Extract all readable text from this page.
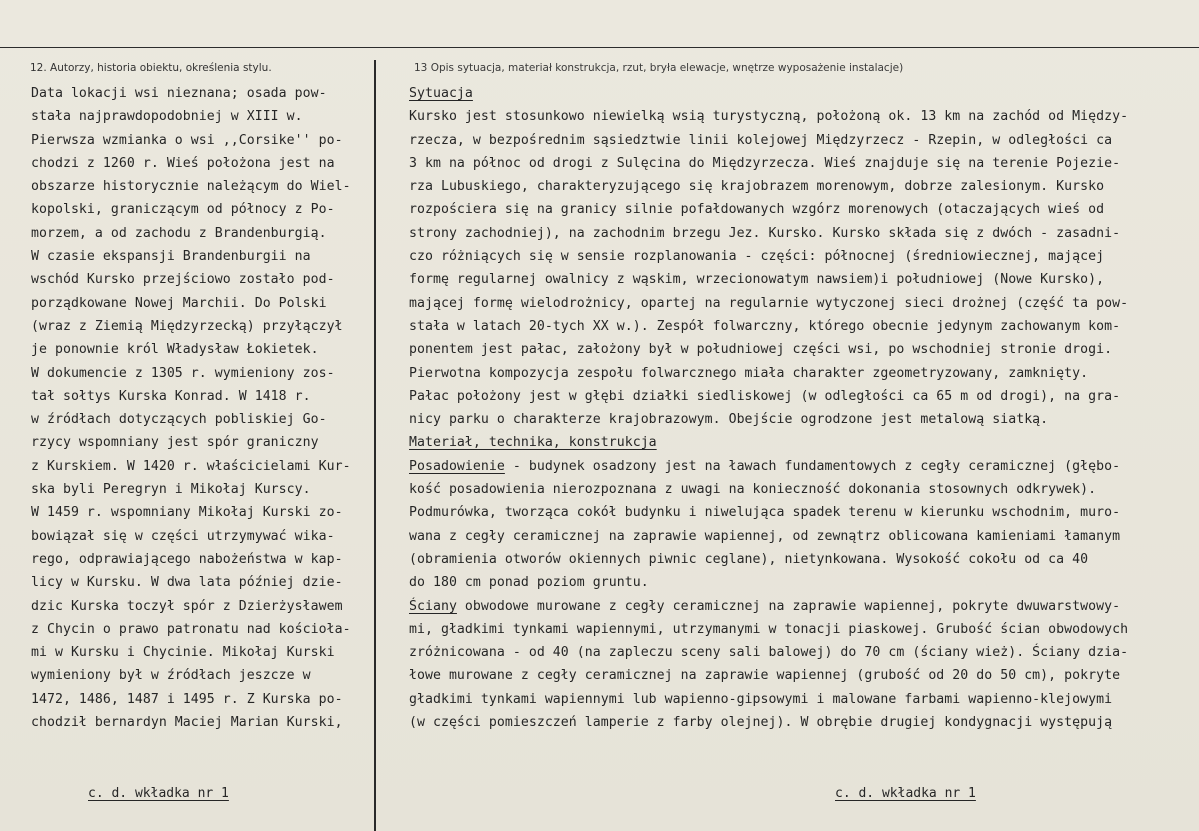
12. Autorzy, historia obiektu, określenia stylu.	13 Opis sytuacja, materiał konstrukcja, rzut, bryła elewacje, wnętrze wyposażenie instalacje)
Data lokacji wsi nieznana; osada pow-
stała najprawdopodobniej w XIII w.
Pierwsza wzmianka o wsi ,,Corsike'' po-
chodzi z 1260 r. Wieś położona jest na
obszarze historycznie należącym do Wiel-
kopolski, graniczącym od północy z Po-
morzem, a od zachodu z Brandenburgią.
W czasie ekspansji Brandenburgii na
wschód Kursko przejściowo zostało pod-
porządkowane Nowej Marchii. Do Polski
(wraz z Ziemią Międzyrzecką) przyłączył
je ponownie król Władysław Łokietek.
W dokumencie z 1305 r. wymieniony zos-
tał sołtys Kurska Konrad. W 1418 r.
w źródłach dotyczących pobliskiej Go-
rzycy wspomniany jest spór graniczny
z Kurskiem. W 1420 r. właścicielami Kur-
ska byli Peregryn i Mikołaj Kurscy.
W 1459 r. wspomniany Mikołaj Kurski zo-
bowiązał się w części utrzymywać wika-
rego, odprawiającego nabożeństwa w kap-
licy w Kursku. W dwa lata później dzie-
dzic Kurska toczył spór z Dzierżysławem
z Chycin o prawo patronatu nad kościoła-
mi w Kursku i Chycinie. Mikołaj Kurski
wymieniony był w źródłach jeszcze w
1472, 1486, 1487 i 1495 r. Z Kurska po-
chodził bernardyn Maciej Marian Kurski,
Sytuacja
Kursko jest stosunkowo niewielką wsią turystyczną, położoną ok. 13 km na zachód od Między-
rzecza, w bezpośrednim sąsiedztwie linii kolejowej Międzyrzecz - Rzepin, w odległości ca
3 km na północ od drogi z Sulęcina do Międzyrzecza. Wieś znajduje się na terenie Pojezie-
rza Lubuskiego, charakteryzującego się krajobrazem morenowym, dobrze zalesionym. Kursko
rozpościera się na granicy silnie pofałdowanych wzgórz morenowych (otaczających wieś od
strony zachodniej), na zachodnim brzegu Jez. Kursko. Kursko składa się z dwóch - zasadni-
czo różniących się w sensie rozplanowania - części: północnej (średniowiecznej, mającej
formę regularnej owalnicy z wąskim, wrzecionowatym nawsiem)i południowej (Nowe Kursko),
mającej formę wielodrożnicy, opartej na regularnie wytyczonej sieci drożnej (część ta pow-
stała w latach 20-tych XX w.). Zespół folwarczny, którego obecnie jedynym zachowanym kom-
ponentem jest pałac, założony był w południowej części wsi, po wschodniej stronie drogi.
Pierwotna kompozycja zespołu folwarcznego miała charakter zgeometryzowany, zamknięty.
Pałac położony jest w głębi działki siedliskowej (w odległości ca 65 m od drogi), na gra-
nicy parku o charakterze krajobrazowym. Obejście ogrodzone jest metalową siatką.
Materiał, technika, konstrukcja
Posadowienie - budynek osadzony jest na ławach fundamentowych z cegły ceramicznej (głębo-
kość posadowienia nierozpoznana z uwagi na konieczność dokonania stosownych odkrywek).
Podmurówka, tworząca cokół budynku i niwelująca spadek terenu w kierunku wschodnim, muro-
wana z cegły ceramicznej na zaprawie wapiennej, od zewnątrz oblicowana kamieniami łamanym
(obramienia otworów okiennych piwnic ceglane), nietynkowana. Wysokość cokołu od ca 40
do 180 cm ponad poziom gruntu.
Ściany obwodowe murowane z cegły ceramicznej na zaprawie wapiennej, pokryte dwuwarstwowy-
mi, gładkimi tynkami wapiennymi, utrzymanymi w tonacji piaskowej. Grubość ścian obwodowych
zróżnicowana - od 40 (na zapleczu sceny sali balowej) do 70 cm (ściany wież). Ściany dzia-
łowe murowane z cegły ceramicznej na zaprawie wapiennej (grubość od 20 do 50 cm), pokryte
gładkimi tynkami wapiennymi lub wapienno-gipsowymi i malowane farbami wapienno-klejowymi
(w części pomieszczeń lamperie z farby olejnej). W obrębie drugiej kondygnacji występują
c. d. wkładka nr 1	c. d. wkładka nr 1
